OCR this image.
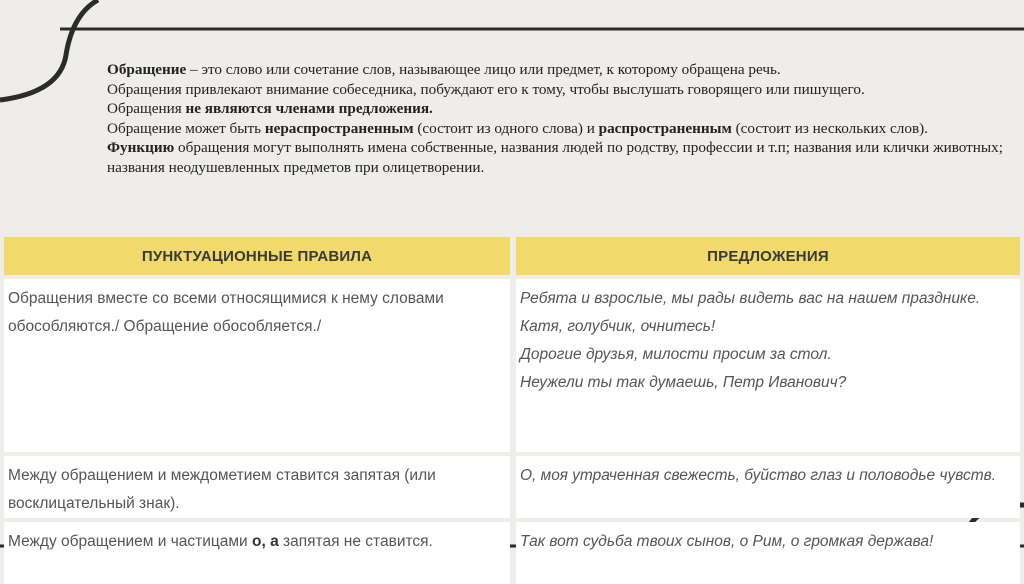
Обращение – это слово или сочетание слов, называющее лицо или предмет, к которому обращена речь.

Обращения привлекают внимание собеседника, побуждают его к тому, чтобы выслушать говорящего или пишущего.

Обращения не являются членами предложения.

Обращение может быть нераспространенным (состоит из одного слова) и распространенным (состоит из нескольких слов).

Функцию обращения могут выполнять имена собственные, названия людей по родству, профессии и т.п; названия или клички животных; названия неодушевленных предметов при олицетворении.

ПУНКТУАЦИОННЫЕ ПРАВИЛА	ПРЕДЛОЖЕНИЯ
Обращения вместе со всеми относящимися к нему словами обособляются./ Обращение обособляется./
Ребята и взрослые, мы рады видеть вас на нашем празднике.
Катя, голубчик, очнитесь!
Дорогие друзья, милости просим за стол.
Неужели ты так думаешь, Петр Иванович?
Между обращением и междометием ставится запятая (или восклицательный знак).
О, моя утраченная свежесть, буйство глаз и половодье чувств.
Между обращением и частицами о, а запятая не ставится.	Так вот судьба твоих сынов, о Рим, о громкая держава!
